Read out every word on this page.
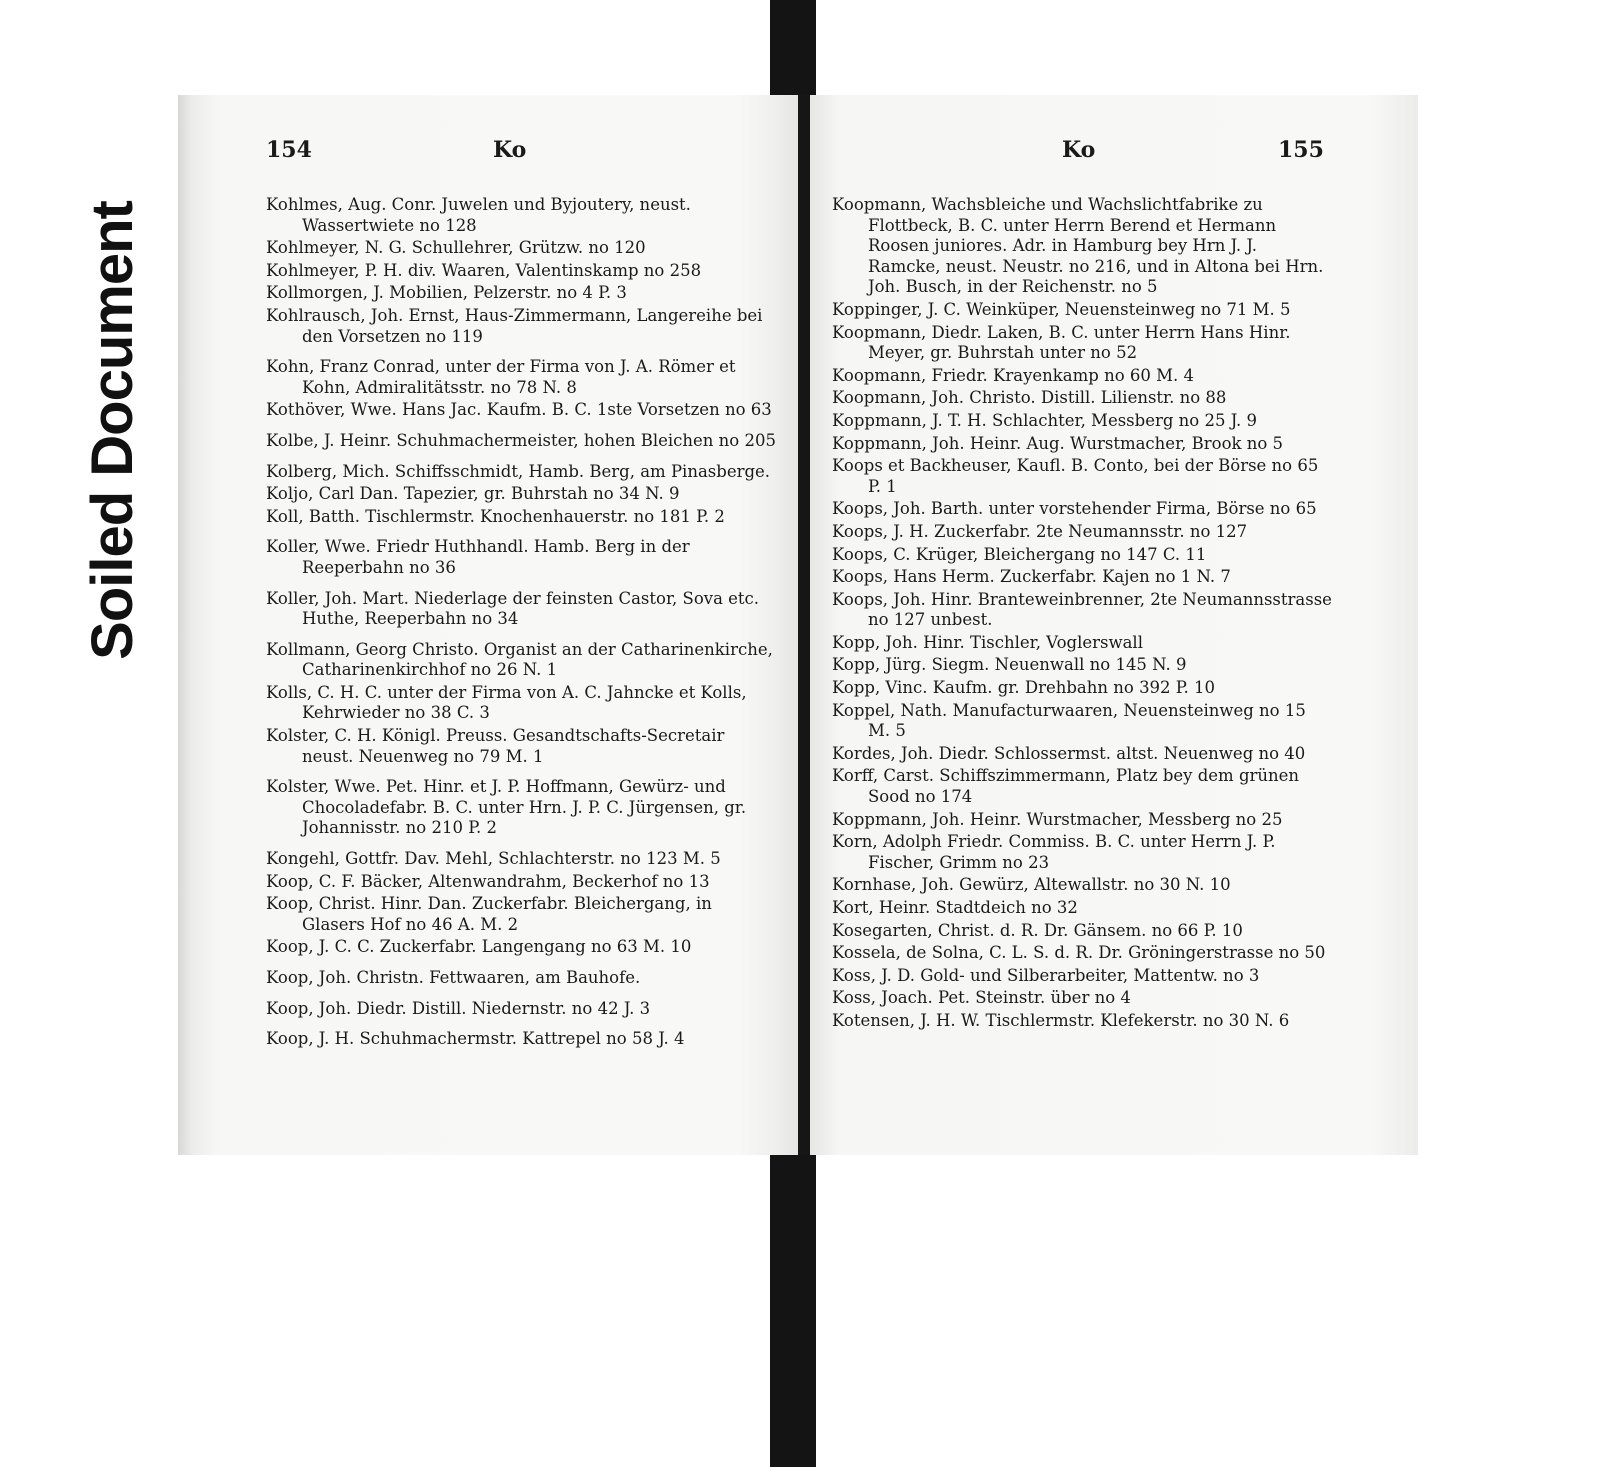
Soiled Document
154	Ko

Kohlmes, Aug. Conr. Juwelen und Byjoutery, neust. Wassertwiete no 128

Kohlmeyer, N. G. Schullehrer, Grützw. no 120

Kohlmeyer, P. H. div. Waaren, Valentinskamp no 258

Kollmorgen, J. Mobilien, Pelzerstr. no 4 P. 3

Kohlrausch, Joh. Ernst, Haus-Zimmermann, Langereihe bei den Vorsetzen no 119

Kohn, Franz Conrad, unter der Firma von J. A. Römer et Kohn, Admiralitätsstr. no 78 N. 8

Kothöver, Wwe. Hans Jac. Kaufm. B. C. 1ste Vorsetzen no 63

Kolbe, J. Heinr. Schuhmachermeister, hohen Bleichen no 205

Kolberg, Mich. Schiffsschmidt, Hamb. Berg, am Pinasberge.

Koljo, Carl Dan. Tapezier, gr. Buhrstah no 34 N. 9

Koll, Batth. Tischlermstr. Knochenhauerstr. no 181 P. 2

Koller, Wwe. Friedr Huthhandl. Hamb. Berg in der Reeperbahn no 36

Koller, Joh. Mart. Niederlage der feinsten Castor, Sova etc. Huthe, Reeperbahn no 34

Kollmann, Georg Christo. Organist an der Catharinenkirche, Catharinenkirchhof no 26 N. 1

Kolls, C. H. C. unter der Firma von A. C. Jahncke et Kolls, Kehrwieder no 38 C. 3

Kolster, C. H. Königl. Preuss. Gesandtschafts-Secretair neust. Neuenweg no 79 M. 1

Kolster, Wwe. Pet. Hinr. et J. P. Hoffmann, Gewürz- und Chocoladefabr. B. C. unter Hrn. J. P. C. Jürgensen, gr. Johannisstr. no 210 P. 2

Kongehl, Gottfr. Dav. Mehl, Schlachterstr. no 123 M. 5

Koop, C. F. Bäcker, Altenwandrahm, Beckerhof no 13

Koop, Christ. Hinr. Dan. Zuckerfabr. Bleichergang, in Glasers Hof no 46 A. M. 2

Koop, J. C. C. Zuckerfabr. Langengang no 63 M. 10

Koop, Joh. Christn. Fettwaaren, am Bauhofe.

Koop, Joh. Diedr. Distill. Niedernstr. no 42 J. 3

Koop, J. H. Schuhmachermstr. Kattrepel no 58 J. 4

Ko	155

Koopmann, Wachsbleiche und Wachslichtfabrike zu Flottbeck, B. C. unter Herrn Berend et Hermann Roosen juniores. Adr. in Hamburg bey Hrn J. J. Ramcke, neust. Neustr. no 216, und in Altona bei Hrn. Joh. Busch, in der Reichenstr. no 5

Koppinger, J. C. Weinküper, Neuensteinweg no 71 M. 5

Koopmann, Diedr. Laken, B. C. unter Herrn Hans Hinr. Meyer, gr. Buhrstah unter no 52

Koopmann, Friedr. Krayenkamp no 60 M. 4

Koopmann, Joh. Christo. Distill. Lilienstr. no 88

Koppmann, J. T. H. Schlachter, Messberg no 25 J. 9

Koppmann, Joh. Heinr. Aug. Wurstmacher, Brook no 5

Koops et Backheuser, Kaufl. B. Conto, bei der Börse no 65 P. 1

Koops, Joh. Barth. unter vorstehender Firma, Börse no 65

Koops, J. H. Zuckerfabr. 2te Neumannsstr. no 127

Koops, C. Krüger, Bleichergang no 147 C. 11

Koops, Hans Herm. Zuckerfabr. Kajen no 1 N. 7

Koops, Joh. Hinr. Branteweinbrenner, 2te Neumannsstrasse no 127 unbest.

Kopp, Joh. Hinr. Tischler, Voglerswall

Kopp, Jürg. Siegm. Neuenwall no 145 N. 9

Kopp, Vinc. Kaufm. gr. Drehbahn no 392 P. 10

Koppel, Nath. Manufacturwaaren, Neuensteinweg no 15 M. 5

Kordes, Joh. Diedr. Schlossermst. altst. Neuenweg no 40

Korff, Carst. Schiffszimmermann, Platz bey dem grünen Sood no 174

Koppmann, Joh. Heinr. Wurstmacher, Messberg no 25

Korn, Adolph Friedr. Commiss. B. C. unter Herrn J. P. Fischer, Grimm no 23

Kornhase, Joh. Gewürz, Altewallstr. no 30 N. 10

Kort, Heinr. Stadtdeich no 32

Kosegarten, Christ. d. R. Dr. Gänsem. no 66 P. 10

Kossela, de Solna, C. L. S. d. R. Dr. Gröningerstrasse no 50

Koss, J. D. Gold- und Silberarbeiter, Mattentw. no 3

Koss, Joach. Pet. Steinstr. über no 4

Kotensen, J. H. W. Tischlermstr. Klefekerstr. no 30 N. 6
